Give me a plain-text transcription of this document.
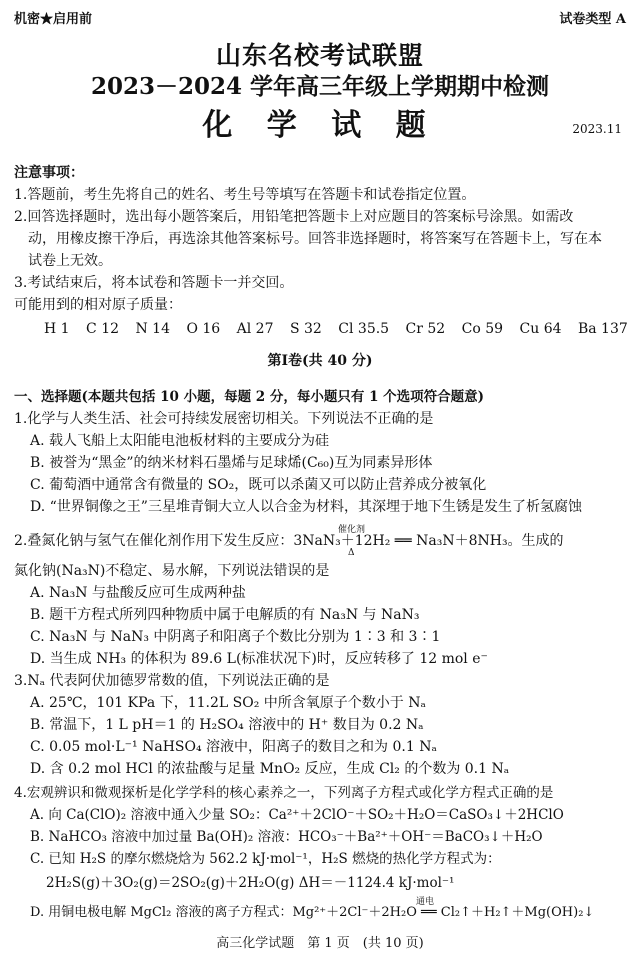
机密★启用前	试卷类型 A
山东名校考试联盟
2023－2024 学年高三年级上学期期中检测
化 学 试 题	2023.11
注意事项：
1.答题前，考生先将自己的姓名、考生号等填写在答题卡和试卷指定位置。
2.回答选择题时，选出每小题答案后，用铅笔把答题卡上对应题目的答案标号涂黑。如需改
动，用橡皮擦干净后，再选涂其他答案标号。回答非选择题时，将答案写在答题卡上，写在本
试卷上无效。
3.考试结束后，将本试卷和答题卡一并交回。
可能用到的相对原子质量：
H 1 C 12 N 14 O 16 Al 27 S 32 Cl 35.5 Cr 52 Co 59 Cu 64 Ba 137
第Ⅰ卷(共 40 分)
一、选择题(本题共包括 10 小题，每题 2 分，每小题只有 1 个选项符合题意)
1.化学与人类生活、社会可持续发展密切相关。下列说法不正确的是
A. 载人飞船上太阳能电池板材料的主要成分为硅
B. 被誉为“黑金”的纳米材料石墨烯与足球烯(C₆₀)互为同素异形体
C. 葡萄酒中通常含有微量的 SO₂，既可以杀菌又可以防止营养成分被氧化
D. “世界铜像之王”三星堆青铜大立人以合金为材料，其深埋于地下生锈是发生了析氢腐蚀
催化剂
Δ
2.叠氮化钠与氢气在催化剂作用下发生反应：3NaN₃＋12H₂ ══ Na₃N＋8NH₃。生成的
氮化钠(Na₃N)不稳定、易水解，下列说法错误的是
A. Na₃N 与盐酸反应可生成两种盐
B. 题干方程式所列四种物质中属于电解质的有 Na₃N 与 NaN₃
C. Na₃N 与 NaN₃ 中阴离子和阳离子个数比分别为 1∶3 和 3∶1
D. 当生成 NH₃ 的体积为 89.6 L(标准状况下)时，反应转移了 12 mol e⁻
3.Nₐ 代表阿伏加德罗常数的值，下列说法正确的是
A. 25℃，101 KPa 下，11.2L SO₂ 中所含氧原子个数小于 Nₐ
B. 常温下，1 L pH＝1 的 H₂SO₄ 溶液中的 H⁺ 数目为 0.2 Nₐ
C. 0.05 mol·L⁻¹ NaHSO₄ 溶液中，阳离子的数目之和为 0.1 Nₐ
D. 含 0.2 mol HCl 的浓盐酸与足量 MnO₂ 反应，生成 Cl₂ 的个数为 0.1 Nₐ
4.宏观辨识和微观探析是化学学科的核心素养之一，下列离子方程式或化学方程式正确的是
A. 向 Ca(ClO)₂ 溶液中通入少量 SO₂：Ca²⁺＋2ClO⁻＋SO₂＋H₂O＝CaSO₃↓＋2HClO
B. NaHCO₃ 溶液中加过量 Ba(OH)₂ 溶液：HCO₃⁻＋Ba²⁺＋OH⁻＝BaCO₃↓＋H₂O
C. 已知 H₂S 的摩尔燃烧焓为 562.2 kJ·mol⁻¹，H₂S 燃烧的热化学方程式为：
2H₂S(g)＋3O₂(g)＝2SO₂(g)＋2H₂O(g) ΔH＝－1124.4 kJ·mol⁻¹
通电
D. 用铜电极电解 MgCl₂ 溶液的离子方程式：Mg²⁺＋2Cl⁻＋2H₂O ══ Cl₂↑＋H₂↑＋Mg(OH)₂↓
高三化学试题　第 1 页　(共 10 页)
